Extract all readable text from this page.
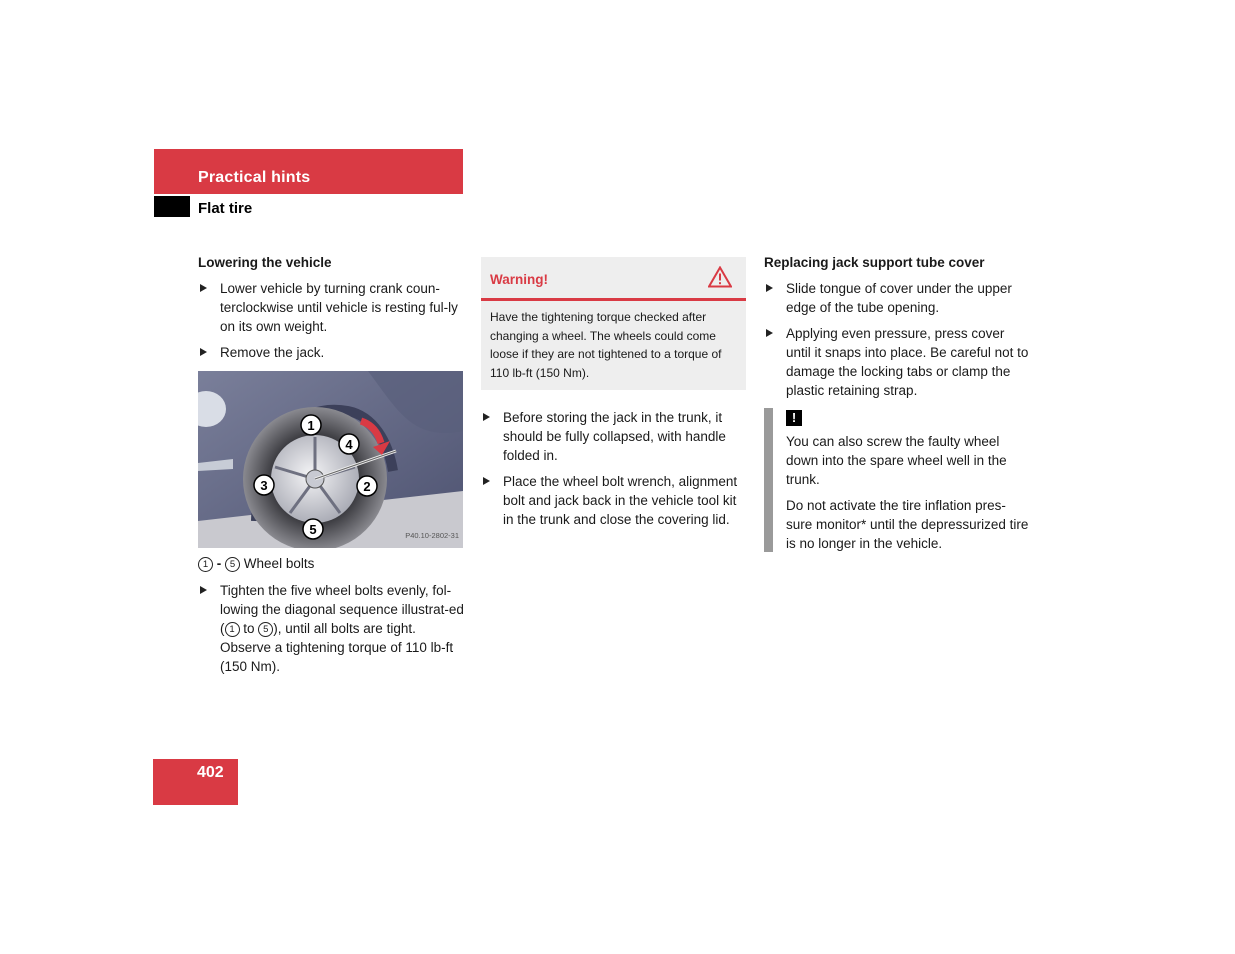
Practical hints
Flat tire
Lowering the vehicle
Lower vehicle by turning crank coun-terclockwise until vehicle is resting ful-ly on its own weight.
Remove the jack.
1
2
3
4
5	P40.10-2802-31
1 - 5 Wheel bolts
Tighten the five wheel bolts evenly, fol-lowing the diagonal sequence illustrat-ed ( 1 to 5 ), until all bolts are tight. Observe a tightening torque of 110 lb-ft (150 Nm).
Warning!
Have the tightening torque checked after changing a wheel. The wheels could come loose if they are not tightened to a torque of 110 lb-ft (150 Nm).
Before storing the jack in the trunk, it should be fully collapsed, with handle folded in.
Place the wheel bolt wrench, alignment bolt and jack back in the vehicle tool kit in the trunk and close the covering lid.
Replacing jack support tube cover
Slide tongue of cover under the upper edge of the tube opening.
Applying even pressure, press cover until it snaps into place. Be careful not to damage the locking tabs or clamp the plastic retaining strap.
!

You can also screw the faulty wheel down into the spare wheel well in the trunk.

Do not activate the tire inflation pres-sure monitor* until the depressurized tire is no longer in the vehicle.

402
